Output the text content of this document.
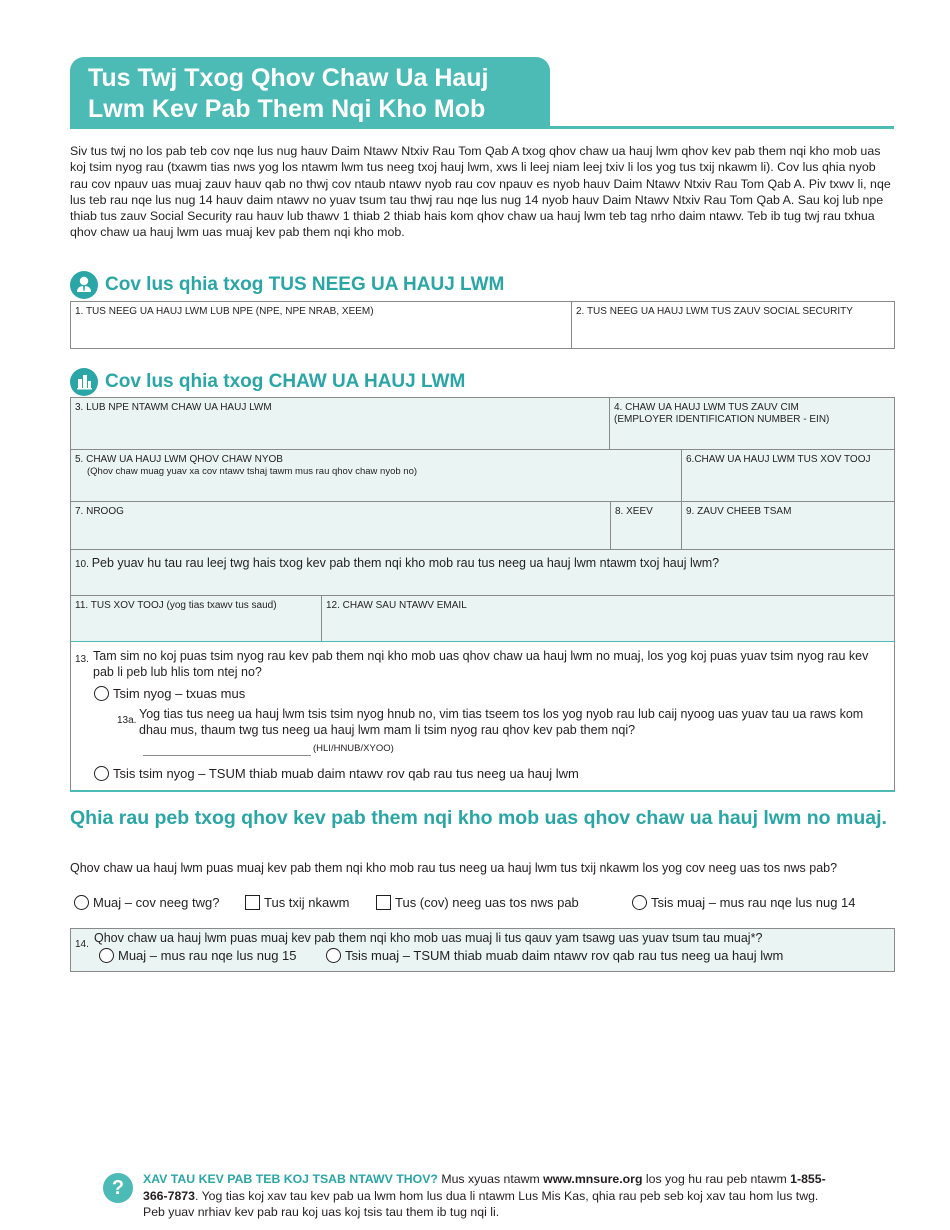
Tus Twj Txog Qhov Chaw Ua Hauj
Lwm Kev Pab Them Nqi Kho Mob
Siv tus twj no los pab teb cov nqe lus nug hauv Daim Ntawv Ntxiv Rau Tom Qab A txog qhov chaw ua hauj lwm qhov kev pab them nqi kho mob uas koj tsim nyog rau (txawm tias nws yog los ntawm lwm tus neeg txoj hauj lwm, xws li leej niam leej txiv li los yog tus txij nkawm li). Cov lus qhia nyob rau cov npauv uas muaj zauv hauv qab no thwj cov ntaub ntawv nyob rau cov npauv es nyob hauv Daim Ntawv Ntxiv Rau Tom Qab A. Piv txwv li, nqe lus teb rau nqe lus nug 14 hauv daim ntawv no yuav tsum tau thwj rau nqe lus nug 14 nyob hauv Daim Ntawv Ntxiv Rau Tom Qab A. Sau koj lub npe thiab tus zauv Social Security rau hauv lub thawv 1 thiab 2 thiab hais kom qhov chaw ua hauj lwm teb tag nrho daim ntawv. Teb ib tug twj rau txhua qhov chaw ua hauj lwm uas muaj kev pab them nqi kho mob.
Cov lus qhia txog TUS NEEG UA HAUJ LWM
1. TUS NEEG UA HAUJ LWM LUB NPE (NPE, NPE NRAB, XEEM)	2. TUS NEEG UA HAUJ LWM TUS ZAUV SOCIAL SECURITY
Cov lus qhia txog CHAW UA HAUJ LWM
3. LUB NPE NTAWM CHAW UA HAUJ LWM	4. CHAW UA HAUJ LWM TUS ZAUV CIM
(EMPLOYER IDENTIFICATION NUMBER - EIN)
5. CHAW UA HAUJ LWM QHOV CHAW NYOB
(Qhov chaw muag yuav xa cov ntawv tshaj tawm mus rau qhov chaw nyob no)
6.CHAW UA HAUJ LWM TUS XOV TOOJ
7. NROOG	8. XEEV	9. ZAUV CHEEB TSAM
10. Peb yuav hu tau rau leej twg hais txog kev pab them nqi kho mob rau tus neeg ua hauj lwm ntawm txoj hauj lwm?
11. TUS XOV TOOJ (yog tias txawv tus saud)	12. CHAW SAU NTAWV EMAIL
13. Tam sim no koj puas tsim nyog rau kev pab them nqi kho mob uas qhov chaw ua hauj lwm no muaj, los yog koj puas yuav tsim nyog rau kev pab li peb lub hlis tom ntej no?
Tsim nyog – txuas mus
13a. Yog tias tus neeg ua hauj lwm tsis tsim nyog hnub no, vim tias tseem tos los yog nyob rau lub caij nyoog uas yuav tau ua raws kom dhau mus, thaum twg tus neeg ua hauj lwm mam li tsim nyog rau qhov kev pab them nqi?
(HLI/HNUB/XYOO)
Tsis tsim nyog – TSUM thiab muab daim ntawv rov qab rau tus neeg ua hauj lwm
Qhia rau peb txog qhov kev pab them nqi kho mob uas qhov chaw ua hauj lwm no muaj.
Qhov chaw ua hauj lwm puas muaj kev pab them nqi kho mob rau tus neeg ua hauj lwm tus txij nkawm los yog cov neeg uas tos nws pab?
Muaj – cov neeg twg?	Tus txij nkawm	Tus (cov) neeg uas tos nws pab	Tsis muaj – mus rau nqe lus nug 14
14. Qhov chaw ua hauj lwm puas muaj kev pab them nqi kho mob uas muaj li tus qauv yam tsawg uas yuav tsum tau muaj*?
Muaj – mus rau nqe lus nug 15	Tsis muaj – TSUM thiab muab daim ntawv rov qab rau tus neeg ua hauj lwm
?	XAV TAU KEV PAB TEB KOJ TSAB NTAWV THOV? Mus xyuas ntawm www.mnsure.org los yog hu rau peb ntawm 1-855-366-7873. Yog tias koj xav tau kev pab ua lwm hom lus dua li ntawm Lus Mis Kas, qhia rau peb seb koj xav tau hom lus twg. Peb yuav nrhiav kev pab rau koj uas koj tsis tau them ib tug nqi li.
